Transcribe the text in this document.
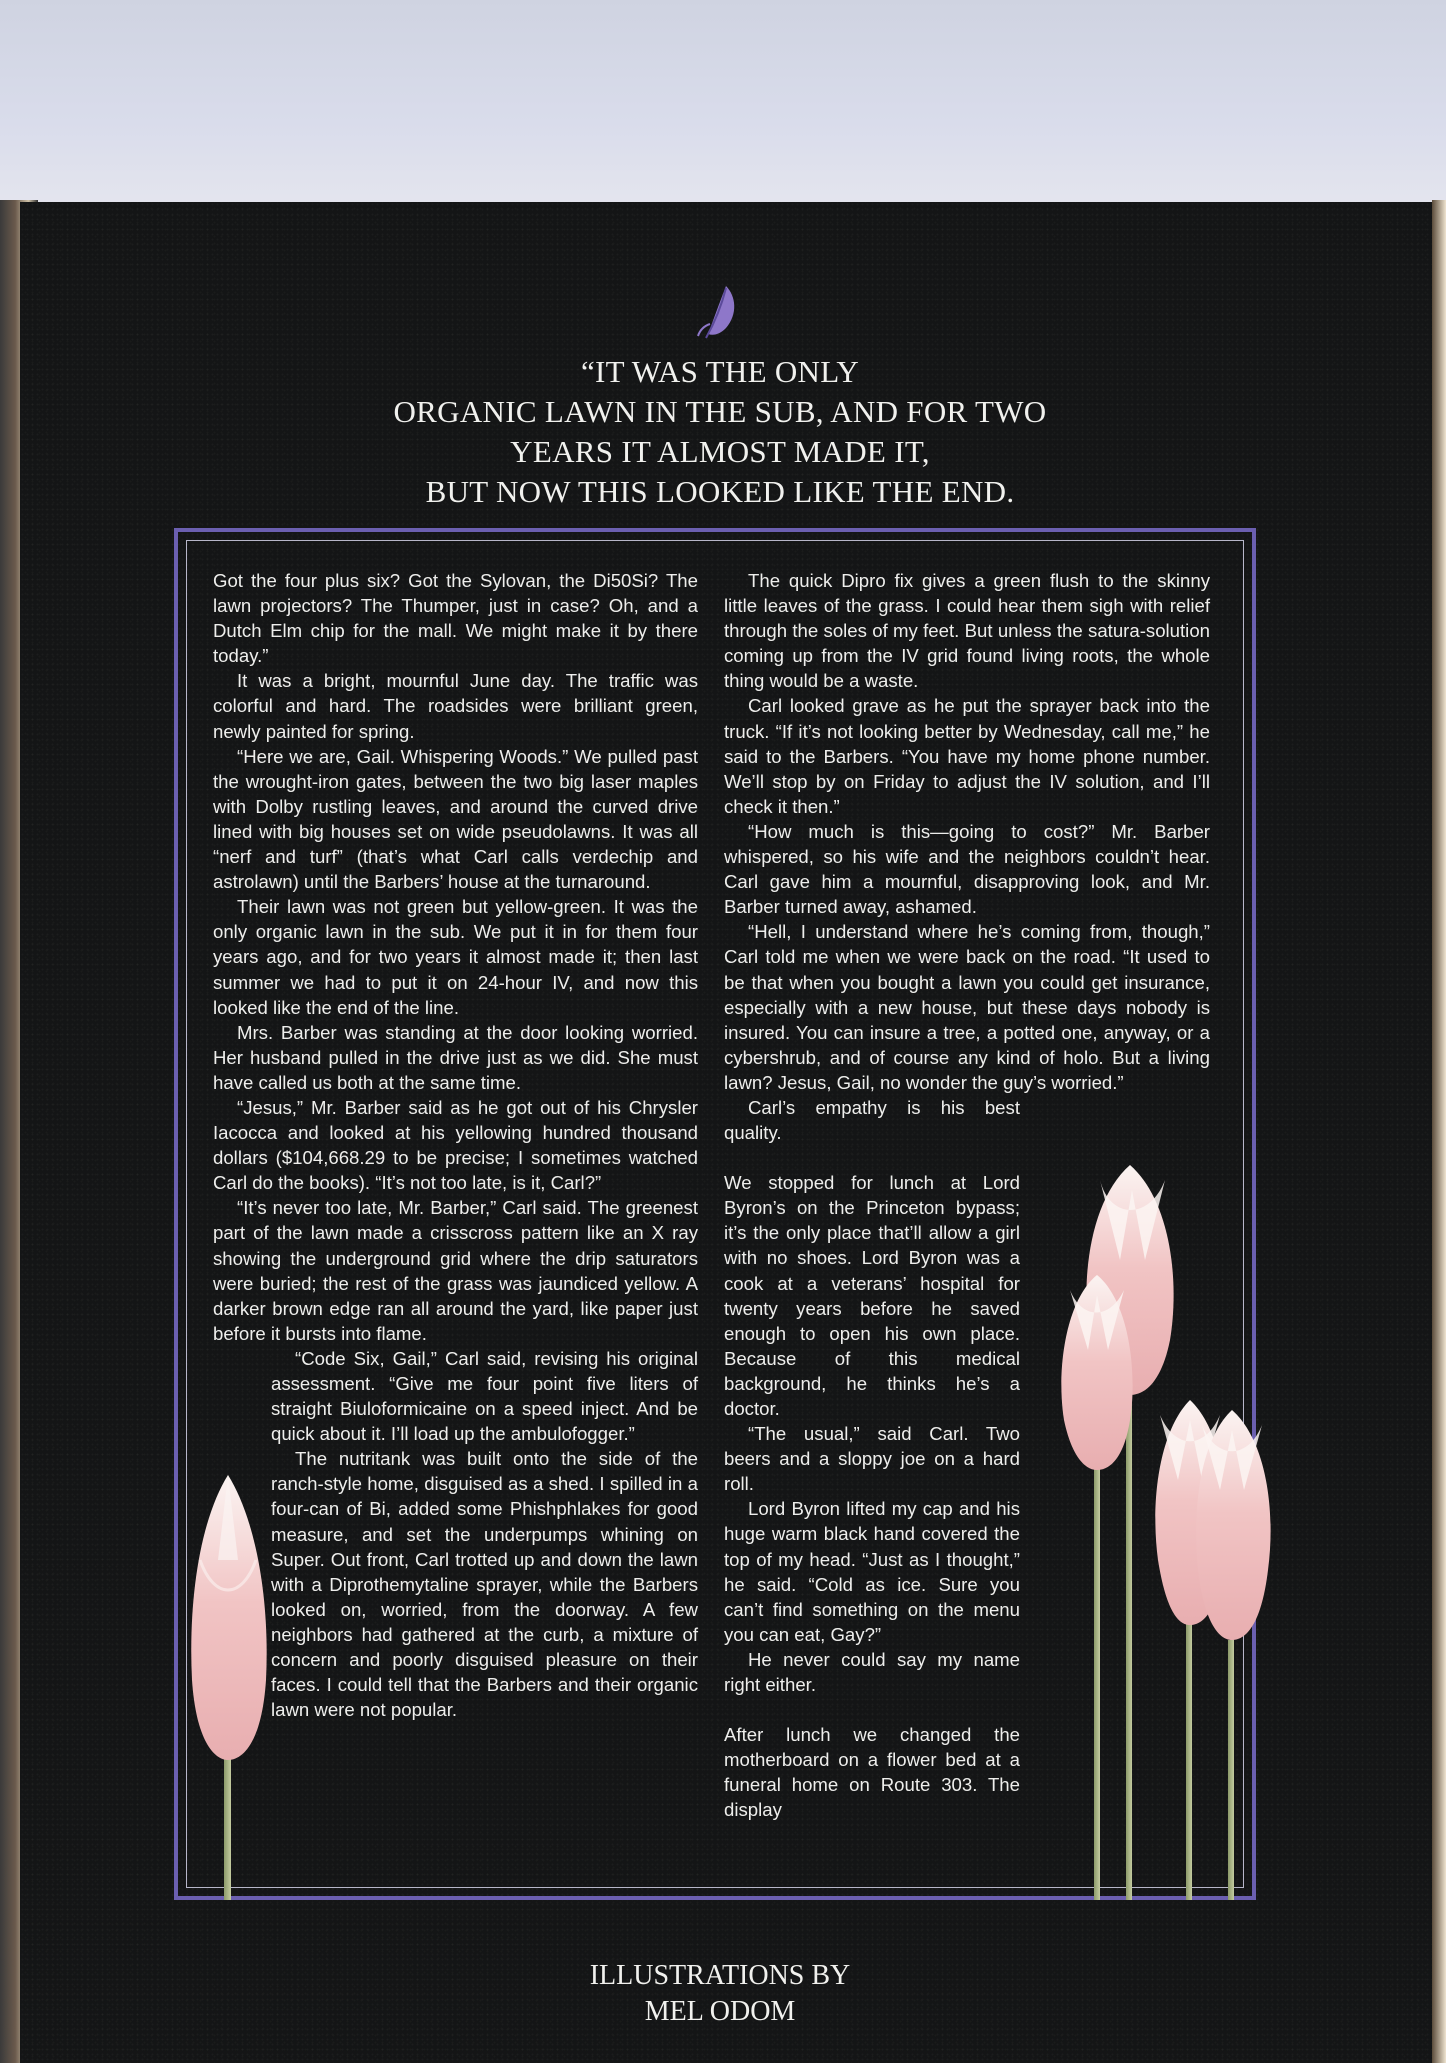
“IT WAS THE ONLY
ORGANIC LAWN IN THE SUB, AND FOR TWO
YEARS IT ALMOST MADE IT,
BUT NOW THIS LOOKED LIKE THE END.

Got the four plus six? Got the Sylovan, the Di50Si? The lawn projectors? The Thumper, just in case? Oh, and a Dutch Elm chip for the mall. We might make it by there today.”

It was a bright, mournful June day. The traffic was colorful and hard. The roadsides were brilliant green, newly painted for spring.

“Here we are, Gail. Whispering Woods.” We pulled past the wrought-iron gates, between the two big laser maples with Dolby rustling leaves, and around the curved drive lined with big houses set on wide pseudolawns. It was all “nerf and turf” (that’s what Carl calls verdechip and astrolawn) until the Barbers’ house at the turnaround.

Their lawn was not green but yellow-green. It was the only organic lawn in the sub. We put it in for them four years ago, and for two years it almost made it; then last summer we had to put it on 24-hour IV, and now this looked like the end of the line.

Mrs. Barber was standing at the door looking worried. Her husband pulled in the drive just as we did. She must have called us both at the same time.

“Jesus,” Mr. Barber said as he got out of his Chrysler Iacocca and looked at his yellowing hundred thousand dollars ($104,668.29 to be precise; I sometimes watched Carl do the books). “It’s not too late, is it, Carl?”

“It’s never too late, Mr. Barber,” Carl said. The greenest part of the lawn made a crisscross pattern like an X ray showing the underground grid where the drip saturators were buried; the rest of the grass was jaundiced yellow. A darker brown edge ran all around the yard, like paper just before it bursts into flame.

“Code Six, Gail,” Carl said, revising his original assessment. “Give me four point five liters of straight Biuloformicaine on a speed inject. And be quick about it. I’ll load up the ambulofogger.”

The nutritank was built onto the side of the ranch-style home, disguised as a shed. I spilled in a four-can of Bi, added some Phishphlakes for good measure, and set the underpumps whining on Super. Out front, Carl trotted up and down the lawn with a Diprothemytaline sprayer, while the Barbers looked on, worried, from the doorway. A few neighbors had gathered at the curb, a mixture of concern and poorly disguised pleasure on their faces. I could tell that the Barbers and their organic lawn were not popular.

The quick Dipro fix gives a green flush to the skinny little leaves of the grass. I could hear them sigh with relief through the soles of my feet. But unless the satura-solution coming up from the IV grid found living roots, the whole thing would be a waste.

Carl looked grave as he put the sprayer back into the truck. “If it’s not looking better by Wednesday, call me,” he said to the Barbers. “You have my home phone number. We’ll stop by on Friday to adjust the IV solution, and I’ll check it then.”

“How much is this—going to cost?” Mr. Barber whispered, so his wife and the neighbors couldn’t hear. Carl gave him a mournful, disapproving look, and Mr. Barber turned away, ashamed.

“Hell, I understand where he’s coming from, though,” Carl told me when we were back on the road. “It used to be that when you bought a lawn you could get insurance, especially with a new house, but these days nobody is insured. You can insure a tree, a potted one, anyway, or a cybershrub, and of course any kind of holo. But a living lawn? Jesus, Gail, no wonder the guy’s worried.”

Carl’s empathy is his best quality.

We stopped for lunch at Lord Byron’s on the Princeton bypass; it’s the only place that’ll allow a girl with no shoes. Lord Byron was a cook at a veterans’ hospital for twenty years before he saved enough to open his own place. Because of this medical background, he thinks he’s a doctor.

“The usual,” said Carl. Two beers and a sloppy joe on a hard roll.

Lord Byron lifted my cap and his huge warm black hand covered the top of my head. “Just as I thought,” he said. “Cold as ice. Sure you can’t find something on the menu you can eat, Gay?”

He never could say my name right either.

After lunch we changed the motherboard on a flower bed at a funeral home on Route 303. The display

ILLUSTRATIONS BY
MEL ODOM
